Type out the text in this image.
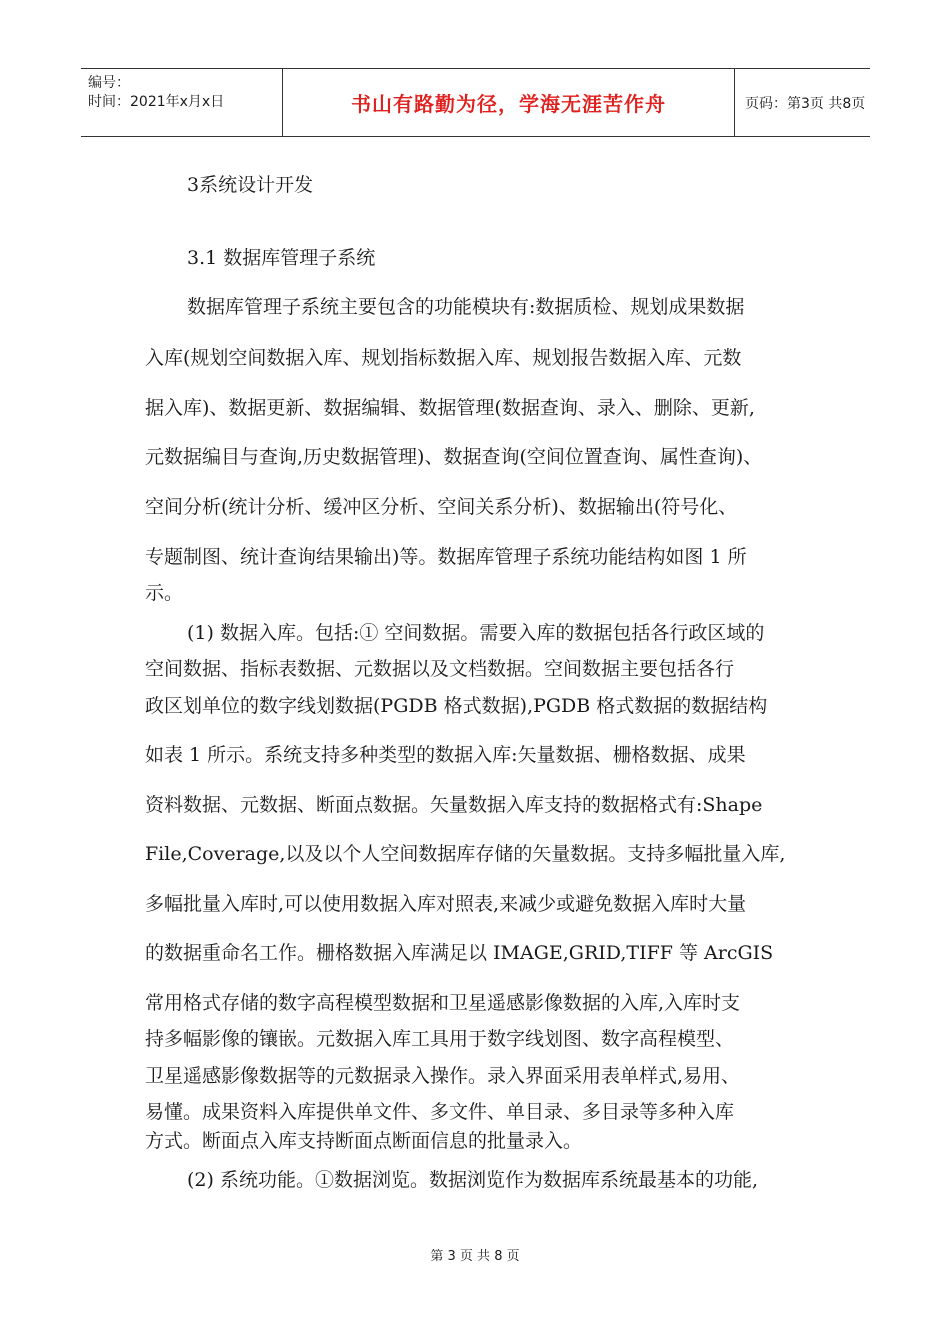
编号：
时间：2021年x月x日	书山有路勤为径，学海无涯苦作舟	页码：第3页 共8页
3系统设计开发
3.1 数据库管理子系统
数据库管理子系统主要包含的功能模块有:数据质检、规划成果数据
入库(规划空间数据入库、规划指标数据入库、规划报告数据入库、元数
据入库)、数据更新、数据编辑、数据管理(数据查询、录入、删除、更新,
元数据编目与查询,历史数据管理)、数据查询(空间位置查询、属性查询)、
空间分析(统计分析、缓冲区分析、空间关系分析)、数据输出(符号化、
专题制图、统计查询结果输出)等。数据库管理子系统功能结构如图 1 所
示。
(1) 数据入库。包括:① 空间数据。需要入库的数据包括各行政区域的
空间数据、指标表数据、元数据以及文档数据。空间数据主要包括各行
政区划单位的数字线划数据(PGDB 格式数据),PGDB 格式数据的数据结构
如表 1 所示。系统支持多种类型的数据入库:矢量数据、栅格数据、成果
资料数据、元数据、断面点数据。矢量数据入库支持的数据格式有:Shape
File,Coverage,以及以个人空间数据库存储的矢量数据。支持多幅批量入库,
多幅批量入库时,可以使用数据入库对照表,来减少或避免数据入库时大量
的数据重命名工作。栅格数据入库满足以 IMAGE,GRID,TIFF 等 ArcGIS
常用格式存储的数字高程模型数据和卫星遥感影像数据的入库,入库时支
持多幅影像的镶嵌。元数据入库工具用于数字线划图、数字高程模型、
卫星遥感影像数据等的元数据录入操作。录入界面采用表单样式,易用、
易懂。成果资料入库提供单文件、多文件、单目录、多目录等多种入库
方式。断面点入库支持断面点断面信息的批量录入。
(2) 系统功能。①数据浏览。数据浏览作为数据库系统最基本的功能,
第 3 页 共 8 页
